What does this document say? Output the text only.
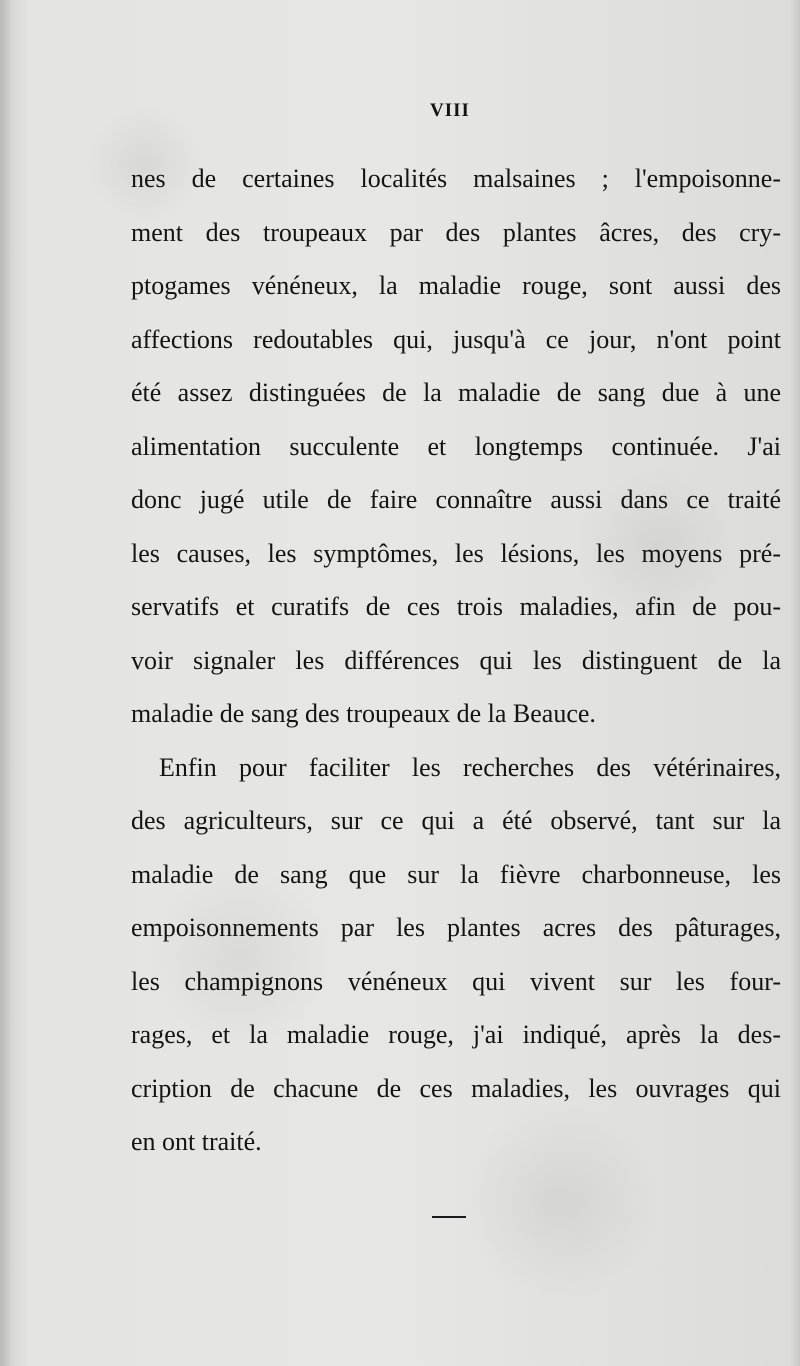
VIII
nes de certaines localités malsaines ; l'empoisonne-
ment des troupeaux par des plantes âcres, des cry-
ptogames vénéneux, la maladie rouge, sont aussi des
affections redoutables qui, jusqu'à ce jour, n'ont point
été assez distinguées de la maladie de sang due à une
alimentation succulente et longtemps continuée. J'ai
donc jugé utile de faire connaître aussi dans ce traité
les causes, les symptômes, les lésions, les moyens pré-
servatifs et curatifs de ces trois maladies, afin de pou-
voir signaler les différences qui les distinguent de la
maladie de sang des troupeaux de la Beauce.
Enfin pour faciliter les recherches des vétérinaires,
des agriculteurs, sur ce qui a été observé, tant sur la
maladie de sang que sur la fièvre charbonneuse, les
empoisonnements par les plantes acres des pâturages,
les champignons vénéneux qui vivent sur les four-
rages, et la maladie rouge, j'ai indiqué, après la des-
cription de chacune de ces maladies, les ouvrages qui
en ont traité.
